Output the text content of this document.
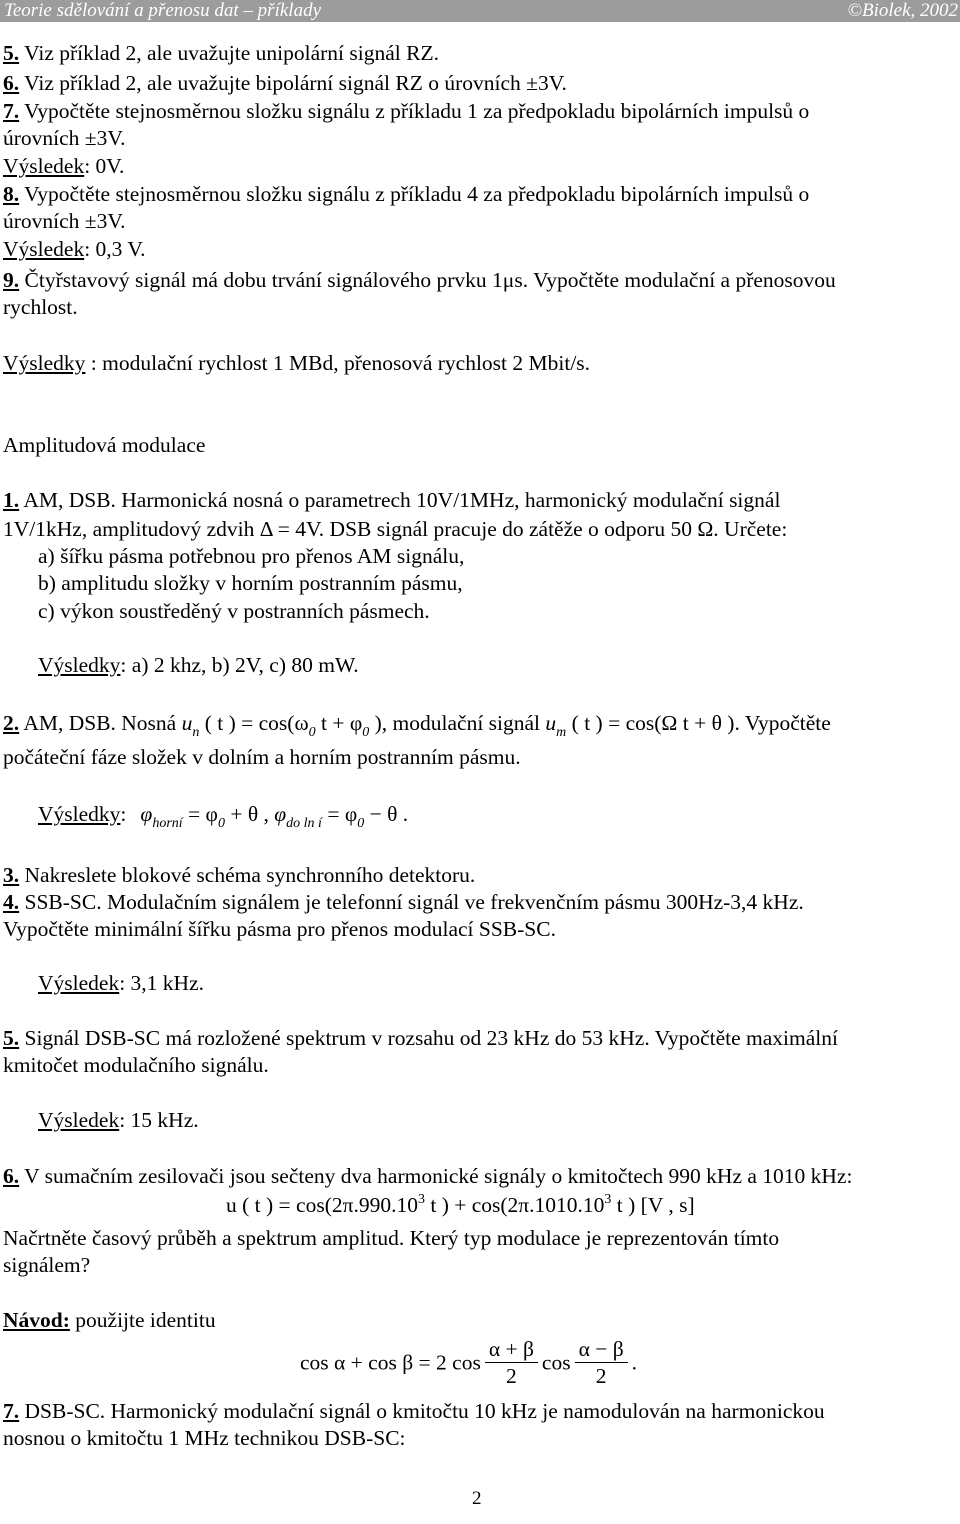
Teorie sdělování a přenosu dat – příklady	©Biolek, 2002
5. Viz příklad 2, ale uvažujte unipolární signál RZ.
6. Viz příklad 2, ale uvažujte bipolární signál RZ o úrovních ±3V.
7. Vypočtěte stejnosměrnou složku signálu z příkladu 1 za předpokladu bipolárních impulsů o
úrovních ±3V.
Výsledek: 0V.
8. Vypočtěte stejnosměrnou složku signálu z příkladu 4 za předpokladu bipolárních impulsů o
úrovních ±3V.
Výsledek: 0,3 V.
9. Čtyřstavový signál má dobu trvání signálového prvku 1μs. Vypočtěte modulační a přenosovou
rychlost.
Výsledky : modulační rychlost 1 MBd, přenosová rychlost 2 Mbit/s.
Amplitudová modulace
1. AM, DSB. Harmonická nosná o parametrech 10V/1MHz, harmonický modulační signál
1V/1kHz, amplitudový zdvih Δ = 4V. DSB signál pracuje do zátěže o odporu 50 Ω. Určete:
a) šířku pásma potřebnou pro přenos AM signálu,
b) amplitudu složky v horním postranním pásmu,
c) výkon soustředěný v postranních pásmech.
Výsledky: a) 2 khz, b) 2V, c) 80 mW.
2. AM, DSB. Nosná $u_n$ ( t ) = $\cos(\omega_0$ $t + \varphi_0$ ), modulační signál $u_m$ ( t ) = cos(Ω t + θ ). Vypočtěte
počáteční fáze složek v dolním a horním postranním pásmu.
Výsledky: $\varphi_{horní} = \varphi_0 + \theta$ , $\varphi_{do ln í} = \varphi_0 - \theta$ .
3. Nakreslete blokové schéma synchronního detektoru.
4. SSB-SC. Modulačním signálem je telefonní signál ve frekvenčním pásmu 300Hz-3,4 kHz.
Vypočtěte minimální šířku pásma pro přenos modulací SSB-SC.
Výsledek: 3,1 kHz.
5. Signál DSB-SC má rozložené spektrum v rozsahu od 23 kHz do 53 kHz. Vypočtěte maximální
kmitočet modulačního signálu.
Výsledek: 15 kHz.
6. V sumačním zesilovači jsou sečteny dva harmonické signály o kmitočtech 990 kHz a 1010 kHz:
u ( t ) = $\cos(2\pi.990.10^3$ t ) + $\cos(2\pi.1010.10^3$ t ) [V , s]
Načrtněte časový průběh a spektrum amplitud. Který typ modulace je reprezentován tímto
signálem?
Návod: použijte identitu
cos α + cos β = 2 $\cos \frac{\alpha + \beta}{2}$ $\cos \frac{\alpha - \beta}{2}$ .
7. DSB-SC. Harmonický modulační signál o kmitočtu 10 kHz je namodulován na harmonickou
nosnou o kmitočtu 1 MHz technikou DSB-SC:
2
